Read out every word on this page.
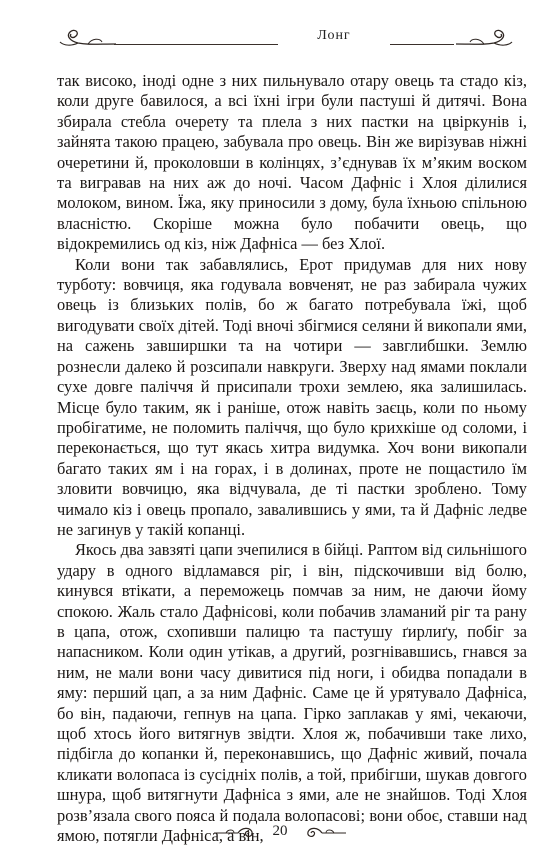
Лонг

так високо, іноді одне з них пильнувало отару овець та стадо кіз, коли друге бавилося, а всі їхні ігри були пастуші й дитячі. Вона збирала стебла очерету та плела з них пастки на цвіркунів і, зайнята такою працею, забувала про овець. Він же вирізував ніжні очеретини й, проколовши в колінцях, з’єднував їх м’яким воском та вигравав на них аж до ночі. Часом Дафніс і Хлоя ділилися молоком, вином. Їжа, яку приносили з дому, була їхньою спільною власністю. Скоріше можна було побачити овець, що відокремились од кіз, ніж Дафніса — без Хлої.

Коли вони так забавлялись, Ерот придумав для них нову турботу: вовчиця, яка годувала вовченят, не раз забирала чужих овець із близьких полів, бо ж багато потребувала їжі, щоб вигодувати своїх дітей. Тоді вночі збігмися селяни й викопали ями, на сажень завширшки та на чотири — завглибшки. Землю рознесли далеко й розсипали навкруги. Зверху над ямами поклали сухе довге паліччя й присипали трохи землею, яка залишилась. Місце було таким, як і раніше, отож навіть заєць, коли по ньому пробігатиме, не поломить паліччя, що було крихкіше од соломи, і переконається, що тут якась хитра видумка. Хоч вони викопали багато таких ям і на горах, і в долинах, проте не пощастило їм зловити вовчицю, яка відчувала, де ті пастки зроблено. Тому чимало кіз і овець пропало, завалившись у ями, та й Дафніс ледве не загинув у такій копанці.

Якось два завзяті цапи зчепилися в бійці. Раптом від сильнішого удару в одного відламався ріг, і він, підскочивши від болю, кинувся втікати, а переможець помчав за ним, не даючи йому спокою. Жаль стало Дафнісові, коли побачив зламаний ріг та рану в цапа, отож, схопивши палицю та пастушу ґирлиґу, побіг за напасником. Коли один утікав, а другий, розгнівавшись, гнався за ним, не мали вони часу дивитися під ноги, і обидва попадали в яму: перший цап, а за ним Дафніс. Саме це й урятувало Дафніса, бо він, падаючи, гепнув на цапа. Гірко заплакав у ямі, чекаючи, щоб хтось його витягнув звідти. Хлоя ж, побачивши таке лихо, підбігла до копанки й, переконавшись, що Дафніс живий, почала кликати волопаса із сусідніх полів, а той, прибігши, шукав довгого шнура, щоб витягнути Дафніса з ями, але не знайшов. Тоді Хлоя розв’язала свого пояса й подала волопасові; вони обоє, ставши над ямою, потягли Дафніса, а він, 20
